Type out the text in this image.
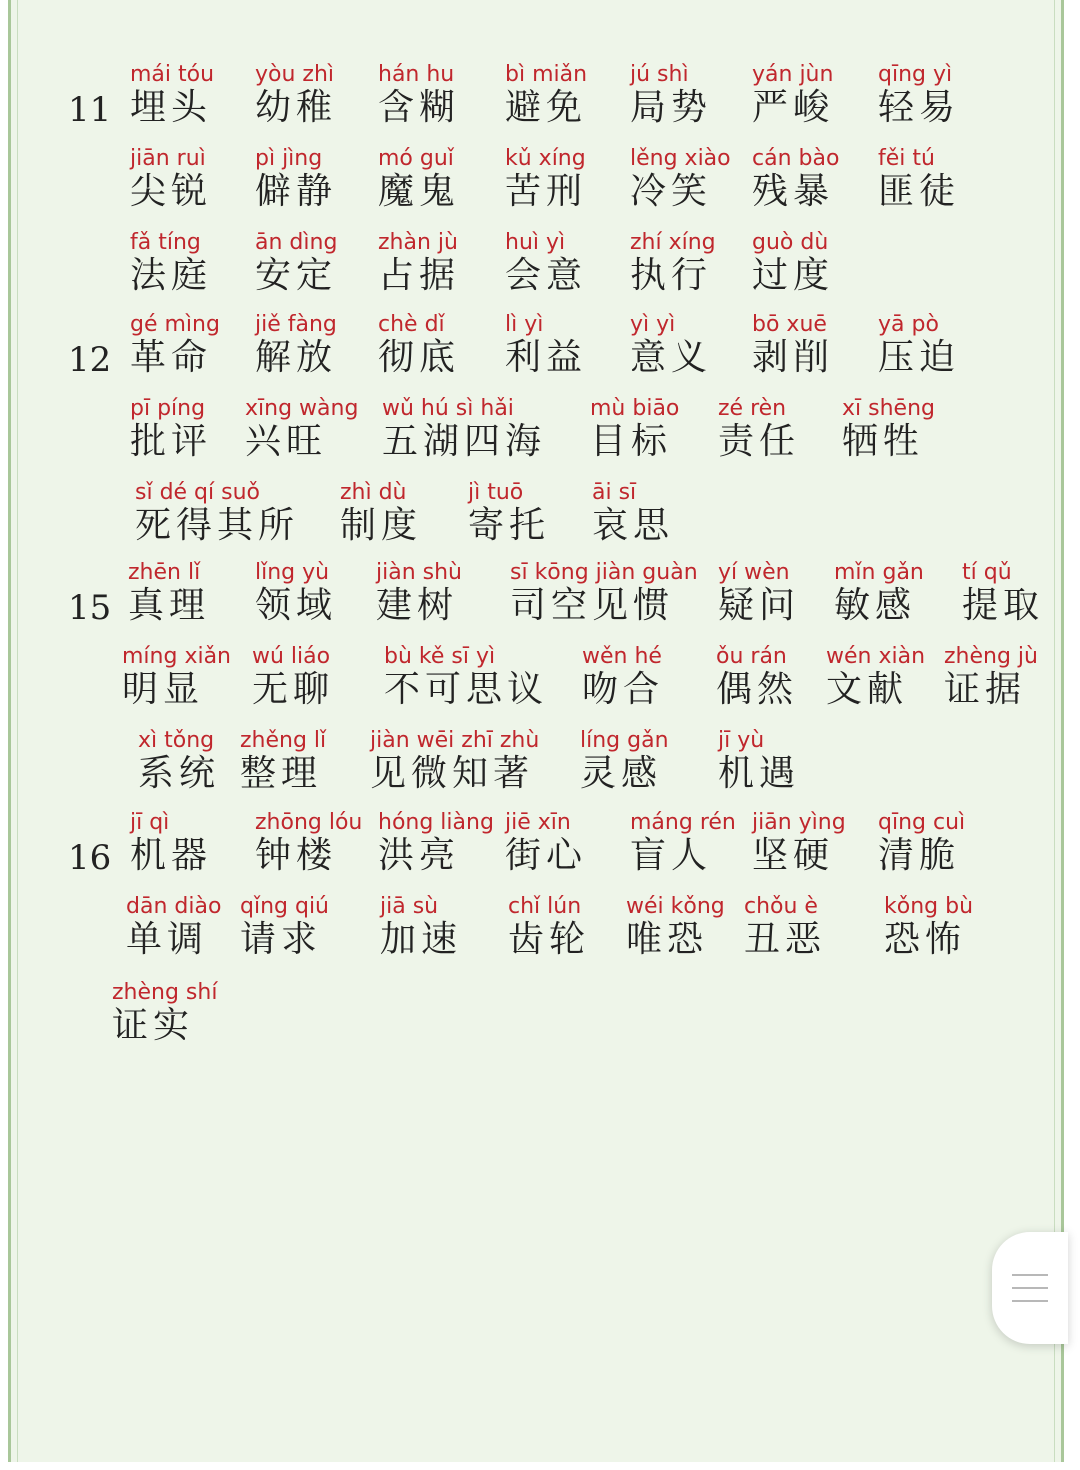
11
mái tóu
埋头
yòu zhì
幼稚
hán hu
含糊
bì miǎn
避免
jú shì
局势
yán jùn
严峻
qīng yì
轻易
jiān ruì
尖锐
pì jìng
僻静
mó guǐ
魔鬼
kǔ xíng
苦刑
lěng xiào
冷笑
cán bào
残暴
fěi tú
匪徒
fǎ tíng
法庭
ān dìng
安定
zhàn jù
占据
huì yì
会意
zhí xíng
执行
guò dù
过度
12
gé mìng
革命
jiě fàng
解放
chè dǐ
彻底
lì yì
利益
yì yì
意义
bō xuē
剥削
yā pò
压迫
pī píng
批评
xīng wàng
兴旺
wǔ hú sì hǎi
五湖四海
mù biāo
目标
zé rèn
责任
xī shēng
牺牲
sǐ dé qí suǒ
死得其所
zhì dù
制度
jì tuō
寄托
āi sī
哀思
15
zhēn lǐ
真理
lǐng yù
领域
jiàn shù
建树
sī kōng jiàn guàn
司空见惯
yí wèn
疑问
mǐn gǎn
敏感
tí qǔ
提取
míng xiǎn
明显
wú liáo
无聊
bù kě sī yì
不可思议
wěn hé
吻合
ǒu rán
偶然
wén xiàn
文献
zhèng jù
证据
xì tǒng
系统
zhěng lǐ
整理
jiàn wēi zhī zhù
见微知著
líng gǎn
灵感
jī yù
机遇
16
jī qì
机器
zhōng lóu
钟楼
hóng liàng
洪亮
jiē xīn
街心
máng rén
盲人
jiān yìng
坚硬
qīng cuì
清脆
dān diào
单调
qǐng qiú
请求
jiā sù
加速
chǐ lún
齿轮
wéi kǒng
唯恐
chǒu è
丑恶
kǒng bù
恐怖
zhèng shí
证实
